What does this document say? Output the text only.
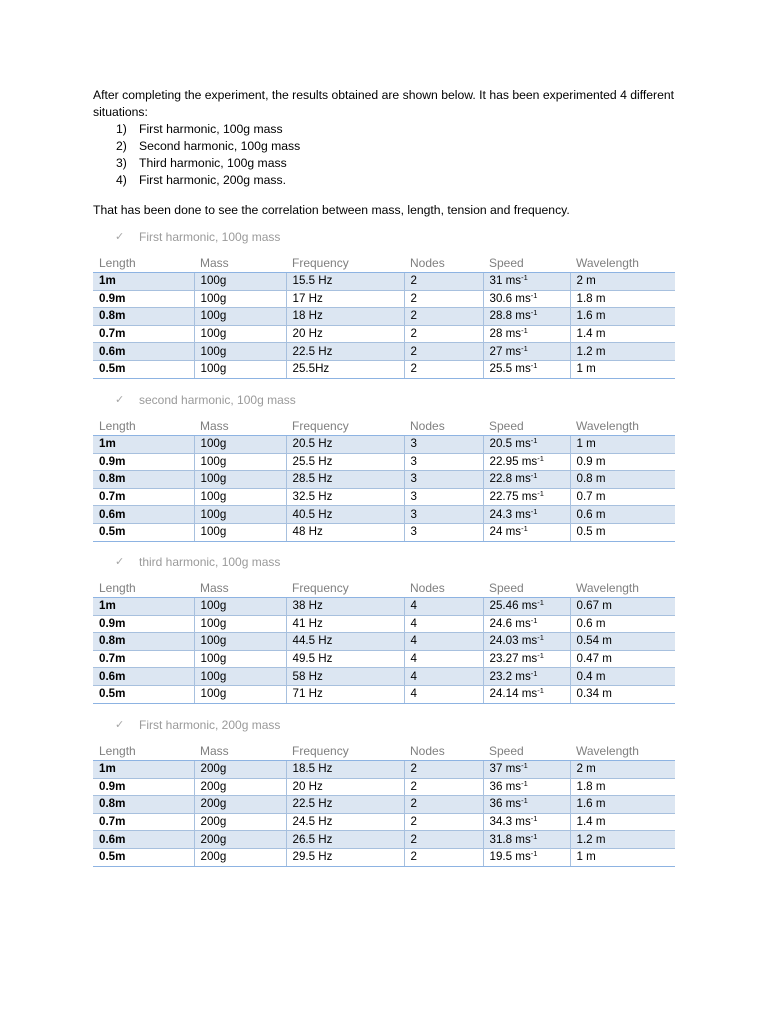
After completing the experiment, the results obtained are shown below. It has been experimented 4 different situations:

1) First harmonic, 100g mass
2) Second harmonic, 100g mass
3) Third harmonic, 100g mass
4) First harmonic, 200g mass.

That has been done to see the correlation between mass, length, tension and frequency.

✓	First harmonic, 100g mass
Length	Mass	Frequency	Nodes	Speed	Wavelength
1m	100g	15.5 Hz	2	31 $ms^{-1}$	2 m
0.9m	100g	17 Hz	2	30.6 $ms^{-1}$	1.8 m
0.8m	100g	18 Hz	2	28.8 $ms^{-1}$	1.6 m
0.7m	100g	20 Hz	2	28 $ms^{-1}$	1.4 m
0.6m	100g	22.5 Hz	2	27 $ms^{-1}$	1.2 m
0.5m	100g	25.5Hz	2	25.5 $ms^{-1}$	1 m
✓	second harmonic, 100g mass
Length	Mass	Frequency	Nodes	Speed	Wavelength
1m	100g	20.5 Hz	3	20.5 $ms^{-1}$	1 m
0.9m	100g	25.5 Hz	3	22.95 $ms^{-1}$	0.9 m
0.8m	100g	28.5 Hz	3	22.8 $ms^{-1}$	0.8 m
0.7m	100g	32.5 Hz	3	22.75 $ms^{-1}$	0.7 m
0.6m	100g	40.5 Hz	3	24.3 $ms^{-1}$	0.6 m
0.5m	100g	48 Hz	3	24 $ms^{-1}$	0.5 m
✓	third harmonic, 100g mass
Length	Mass	Frequency	Nodes	Speed	Wavelength
1m	100g	38 Hz	4	25.46 $ms^{-1}$	0.67 m
0.9m	100g	41 Hz	4	24.6 $ms^{-1}$	0.6 m
0.8m	100g	44.5 Hz	4	24.03 $ms^{-1}$	0.54 m
0.7m	100g	49.5 Hz	4	23.27 $ms^{-1}$	0.47 m
0.6m	100g	58 Hz	4	23.2 $ms^{-1}$	0.4 m
0.5m	100g	71 Hz	4	24.14 $ms^{-1}$	0.34 m
✓	First harmonic, 200g mass
Length	Mass	Frequency	Nodes	Speed	Wavelength
1m	200g	18.5 Hz	2	37 $ms^{-1}$	2 m
0.9m	200g	20 Hz	2	36 $ms^{-1}$	1.8 m
0.8m	200g	22.5 Hz	2	36 $ms^{-1}$	1.6 m
0.7m	200g	24.5 Hz	2	34.3 $ms^{-1}$	1.4 m
0.6m	200g	26.5 Hz	2	31.8 $ms^{-1}$	1.2 m
0.5m	200g	29.5 Hz	2	19.5 $ms^{-1}$	1 m
